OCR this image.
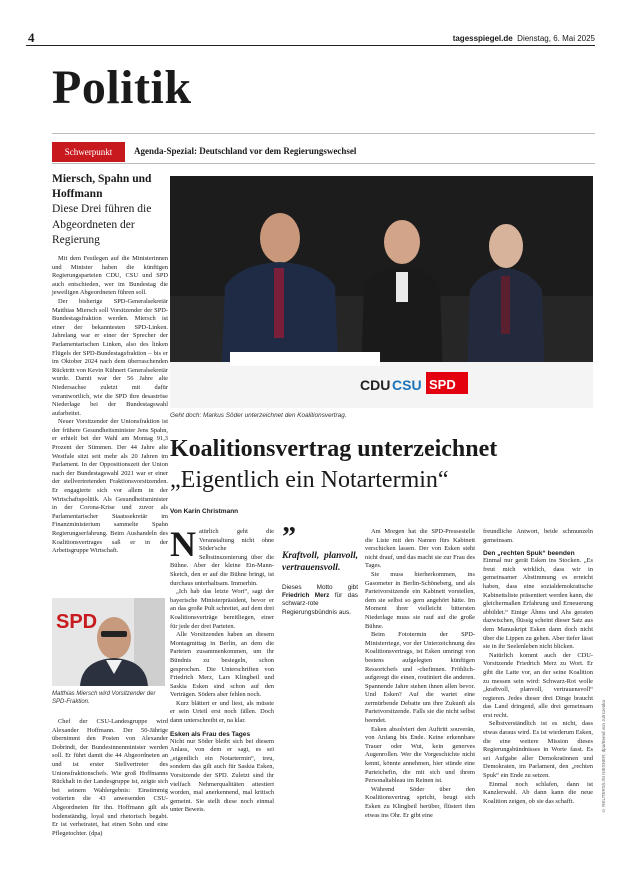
4	tagesspiegel.de Dienstag, 6. Mai 2025
Politik
Schwerpunkt	Agenda-Spezial: Deutschland vor dem Regierungswechsel
Miersch, Spahn und Hoffmann
Diese Drei führen die Abgeordneten der Regierung

Mit dem Festlegen auf die Ministerinnen und Minister haben die künftigen Regierungsparteien CDU, CSU und SPD auch entschieden, wer im Bundestag die jeweiligen Abgeordneten führen soll.

Der bisherige SPD-Generalsekretär Matthias Miersch soll Vorsitzender der SPD-Bundestagsfraktion werden. Miersch ist einer der bekanntesten SPD-Linken. Jahrelang war er einer der Sprecher der Parlamentarischen Linken, also des linken Flügels der SPD-Bundestagsfraktion – bis er im Oktober 2024 nach dem überraschenden Rücktritt von Kevin Kühnert Generalsekretär wurde. Damit war der 56 Jahre alte Niedersachse zuletzt mit dafür verantwortlich, wie die SPD ihre desaströse Niederlage bei der Bundestagswahl aufarbeitet.

Neuer Vorsitzender der Unionsfraktion ist der frühere Gesundheitsminister Jens Spahn, er erhielt bei der Wahl am Montag 91,3 Prozent der Stimmen. Der 44 Jahre alte Westfale sitzt seit mehr als 20 Jahren im Parlament. In der Oppositionszeit der Union nach der Bundestagswahl 2021 war er einer der stellvertretenden Fraktionsvorsitzenden. Er engagierte sich vor allem in der Wirtschaftspolitik. Als Gesundheitsminister in der Corona-Krise und zuvor als Parlamentarischer Staatssekretär im Finanzministerium sammelte Spahn Regierungserfahrung. Beim Aushandeln des Koalitionsvertrages saß er in der Arbeitsgruppe Wirtschaft.

SPD
Matthias Miersch wird Vorsitzender der SPD-Fraktion.
Chef der CSU-Landesgruppe wird Alexander Hoffmann. Der 50-Jährige übernimmt den Posten von Alexander Dobrindt, der Bundesinnenminister werden soll. Er führt damit die 44 Abgeordneten an und ist erster Stellvertreter des Unionsfraktionschefs. Wie groß Hoffmanns Rückhalt in der Landesgruppe ist, zeigte sich bei seinem Wahlergebnis: Einstimmig votierten die 43 anwesenden CSU-Abgeordneten für ihn. Hoffmann gilt als bodenständig, loyal und rhetorisch begabt. Er ist verheiratet, hat einen Sohn und eine Pflegetochter. (dpa)
CDU CSU SPD
Geht doch: Markus Söder unterzeichnet den Koalitionsvertrag.
Koalitionsvertrag unterzeichnet
„Eigentlich ein Notartermin“
Von Karin Christmann

Natürlich geht die Veranstaltung nicht ohne Söder'sche Selbstinszenierung über die Bühne. Aber der kleine Ein-Mann-Sketch, den er auf die Bühne bringt, ist durchaus unterhaltsam. Immerhin.

„Ich hab das letzte Wort“, sagt der bayerische Ministerpräsident, bevor er an das große Pult schreitet, auf dem drei Koalitionsverträge bereitliegen, einer für jede der drei Parteien.

Alle Vorsitzenden haben an diesem Montagmittag in Berlin, an dem die Parteien zusammenkommen, um ihr Bündnis zu besiegeln, schon gesprochen. Die Unterschriften von Friedrich Merz, Lars Klingbeil und Saskia Esken sind schon auf den Verträgen. Söders aber fehlen noch.

Kurz blättert er und liest, als müsste er sein Urteil erst noch fällen. Doch dann unterschreibt er, na klar.

Esken als Frau des Tages

Nicht nur Söder bleibt sich bei diesem Anlass, von dem er sagt, es sei „eigentlich ein Notartermin“, treu, sondern das gilt auch für Saskia Esken, Vorsitzende der SPD. Zuletzt sind ihr vielfach Nehmerqualitäten attestiert worden, mal anerkennend, mal kritisch gemeint. Sie stellt diese noch einmal unter Beweis.

”
Kraftvoll, planvoll, vertrauensvoll.
Dieses Motto gibt Friedrich Merz für das schwarz-rote Regierungsbündnis aus.

Am Morgen hat die SPD-Pressestelle die Liste mit den Namen fürs Kabinett verschicken lassen. Der von Esken steht nicht drauf, und das macht sie zur Frau des Tages.

Sie muss hierherkommen, ins Gasometer in Berlin-Schöneberg, und als Parteivorsitzende ein Kabinett vorstellen, dem sie selbst so gern angehört hätte. Im Moment ihrer vielleicht bittersten Niederlage muss sie rauf auf die große Bühne.

Beim Fototermin der SPD-Ministerriege, vor der Unterzeichnung des Koalitionsvertrags, ist Esken umringt von bestens aufgelegten künftigen Ressortchefs und -chefinnen. Fröhlich-aufgeregt die einen, routiniert die anderen. Spannende Jahre stehen ihnen allen bevor. Und Esken? Auf die wartet eine zermürbende Debatte um ihre Zukunft als Parteivorsitzende. Falls sie die nicht selbst beendet.

Esken absolviert den Auftritt souverän, von Anfang bis Ende. Keine erkennbare Trauer oder Wut, kein generves Augenrollen. Wer die Vorgeschichte nicht kennt, könnte annehmen, hier stünde eine Parteichefin, die mit sich und ihrem Personaltableau im Reinen ist.

Während Söder über den Koalitionsvertrag spricht, beugt sich Esken zu Klingbeil herüber, flüstert ihm etwas ins Ohr. Er gibt eine

freundliche Antwort, beide schmunzeln gemeinsam.

Den „rechten Spuk“ beenden

Einmal nur gerät Esken ins Stocken. „Es freut mich wirklich, dass wir in gemeinsamer Abstimmung es erreicht haben, dass eine sozialdemokratische Kabinettsliste präsentiert werden kann, die gleichermaßen Erfahrung und Erneuerung abbildet.“ Einige Ähms und Ahs geraten dazwischen, flüssig scheint dieser Satz aus dem Manuskript Esken dann doch nicht über die Lippen zu gehen. Aber tiefer lässt sie in ihr Seelenleben nicht blicken.

Natürlich kommt auch der CDU-Vorsitzende Friedrich Merz zu Wort. Er gibt die Latte vor, an der seine Koalition zu messen sein wird: Schwarz-Rot wolle „kraftvoll, planvoll, vertrauensvoll“ regieren. Jedes dieser drei Dinge braucht das Land dringend, alle drei gemeinsam erst recht.

Selbstverständlich ist es nicht, dass etwas daraus wird. Es ist wiederum Esken, die eine weitere Mission dieses Regierungsbündnisses in Worte fasst. Es sei Aufgabe aller Demokratinnen und Demokraten, im Parlament, den „rechten Spuk“ ein Ende zu setzen.

Einmal noch schlafen, dann ist Kanzlerwahl. Ab dann kann die neue Koalition zeigen, ob sie das schafft.	© REUTERS/LISI NIESNER; dpa/Bernd von Jutrczenka
